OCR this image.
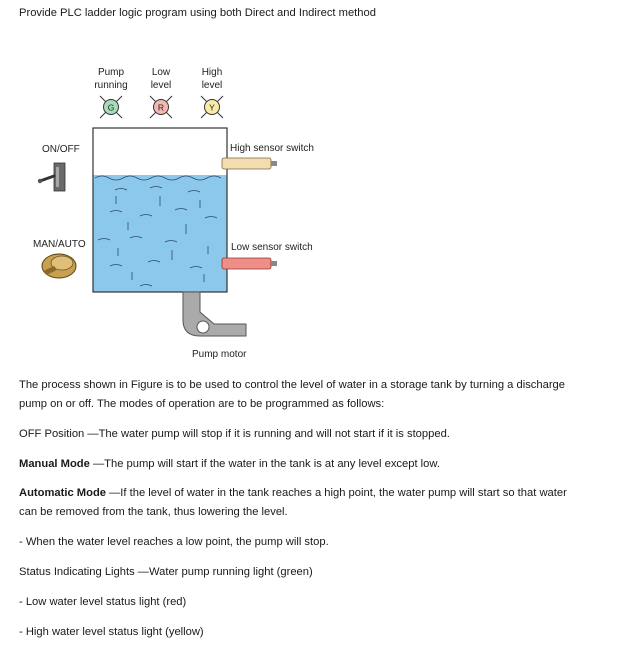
Provide PLC ladder logic program using both Direct and Indirect method
Pump
running
G
Low
level
R
High
level
Y
ON/OFF
MAN/AUTO
High sensor switch
Low sensor switch
Pump motor
The process shown in Figure is to be used to control the level of water in a storage tank by turning a discharge pump on or off. The modes of operation are to be programmed as follows:
OFF Position —The water pump will stop if it is running and will not start if it is stopped.
Manual Mode —The pump will start if the water in the tank is at any level except low.
Automatic Mode —If the level of water in the tank reaches a high point, the water pump will start so that water can be removed from the tank, thus lowering the level.
- When the water level reaches a low point, the pump will stop.
Status Indicating Lights —Water pump running light (green)
- Low water level status light (red)
- High water level status light (yellow)
